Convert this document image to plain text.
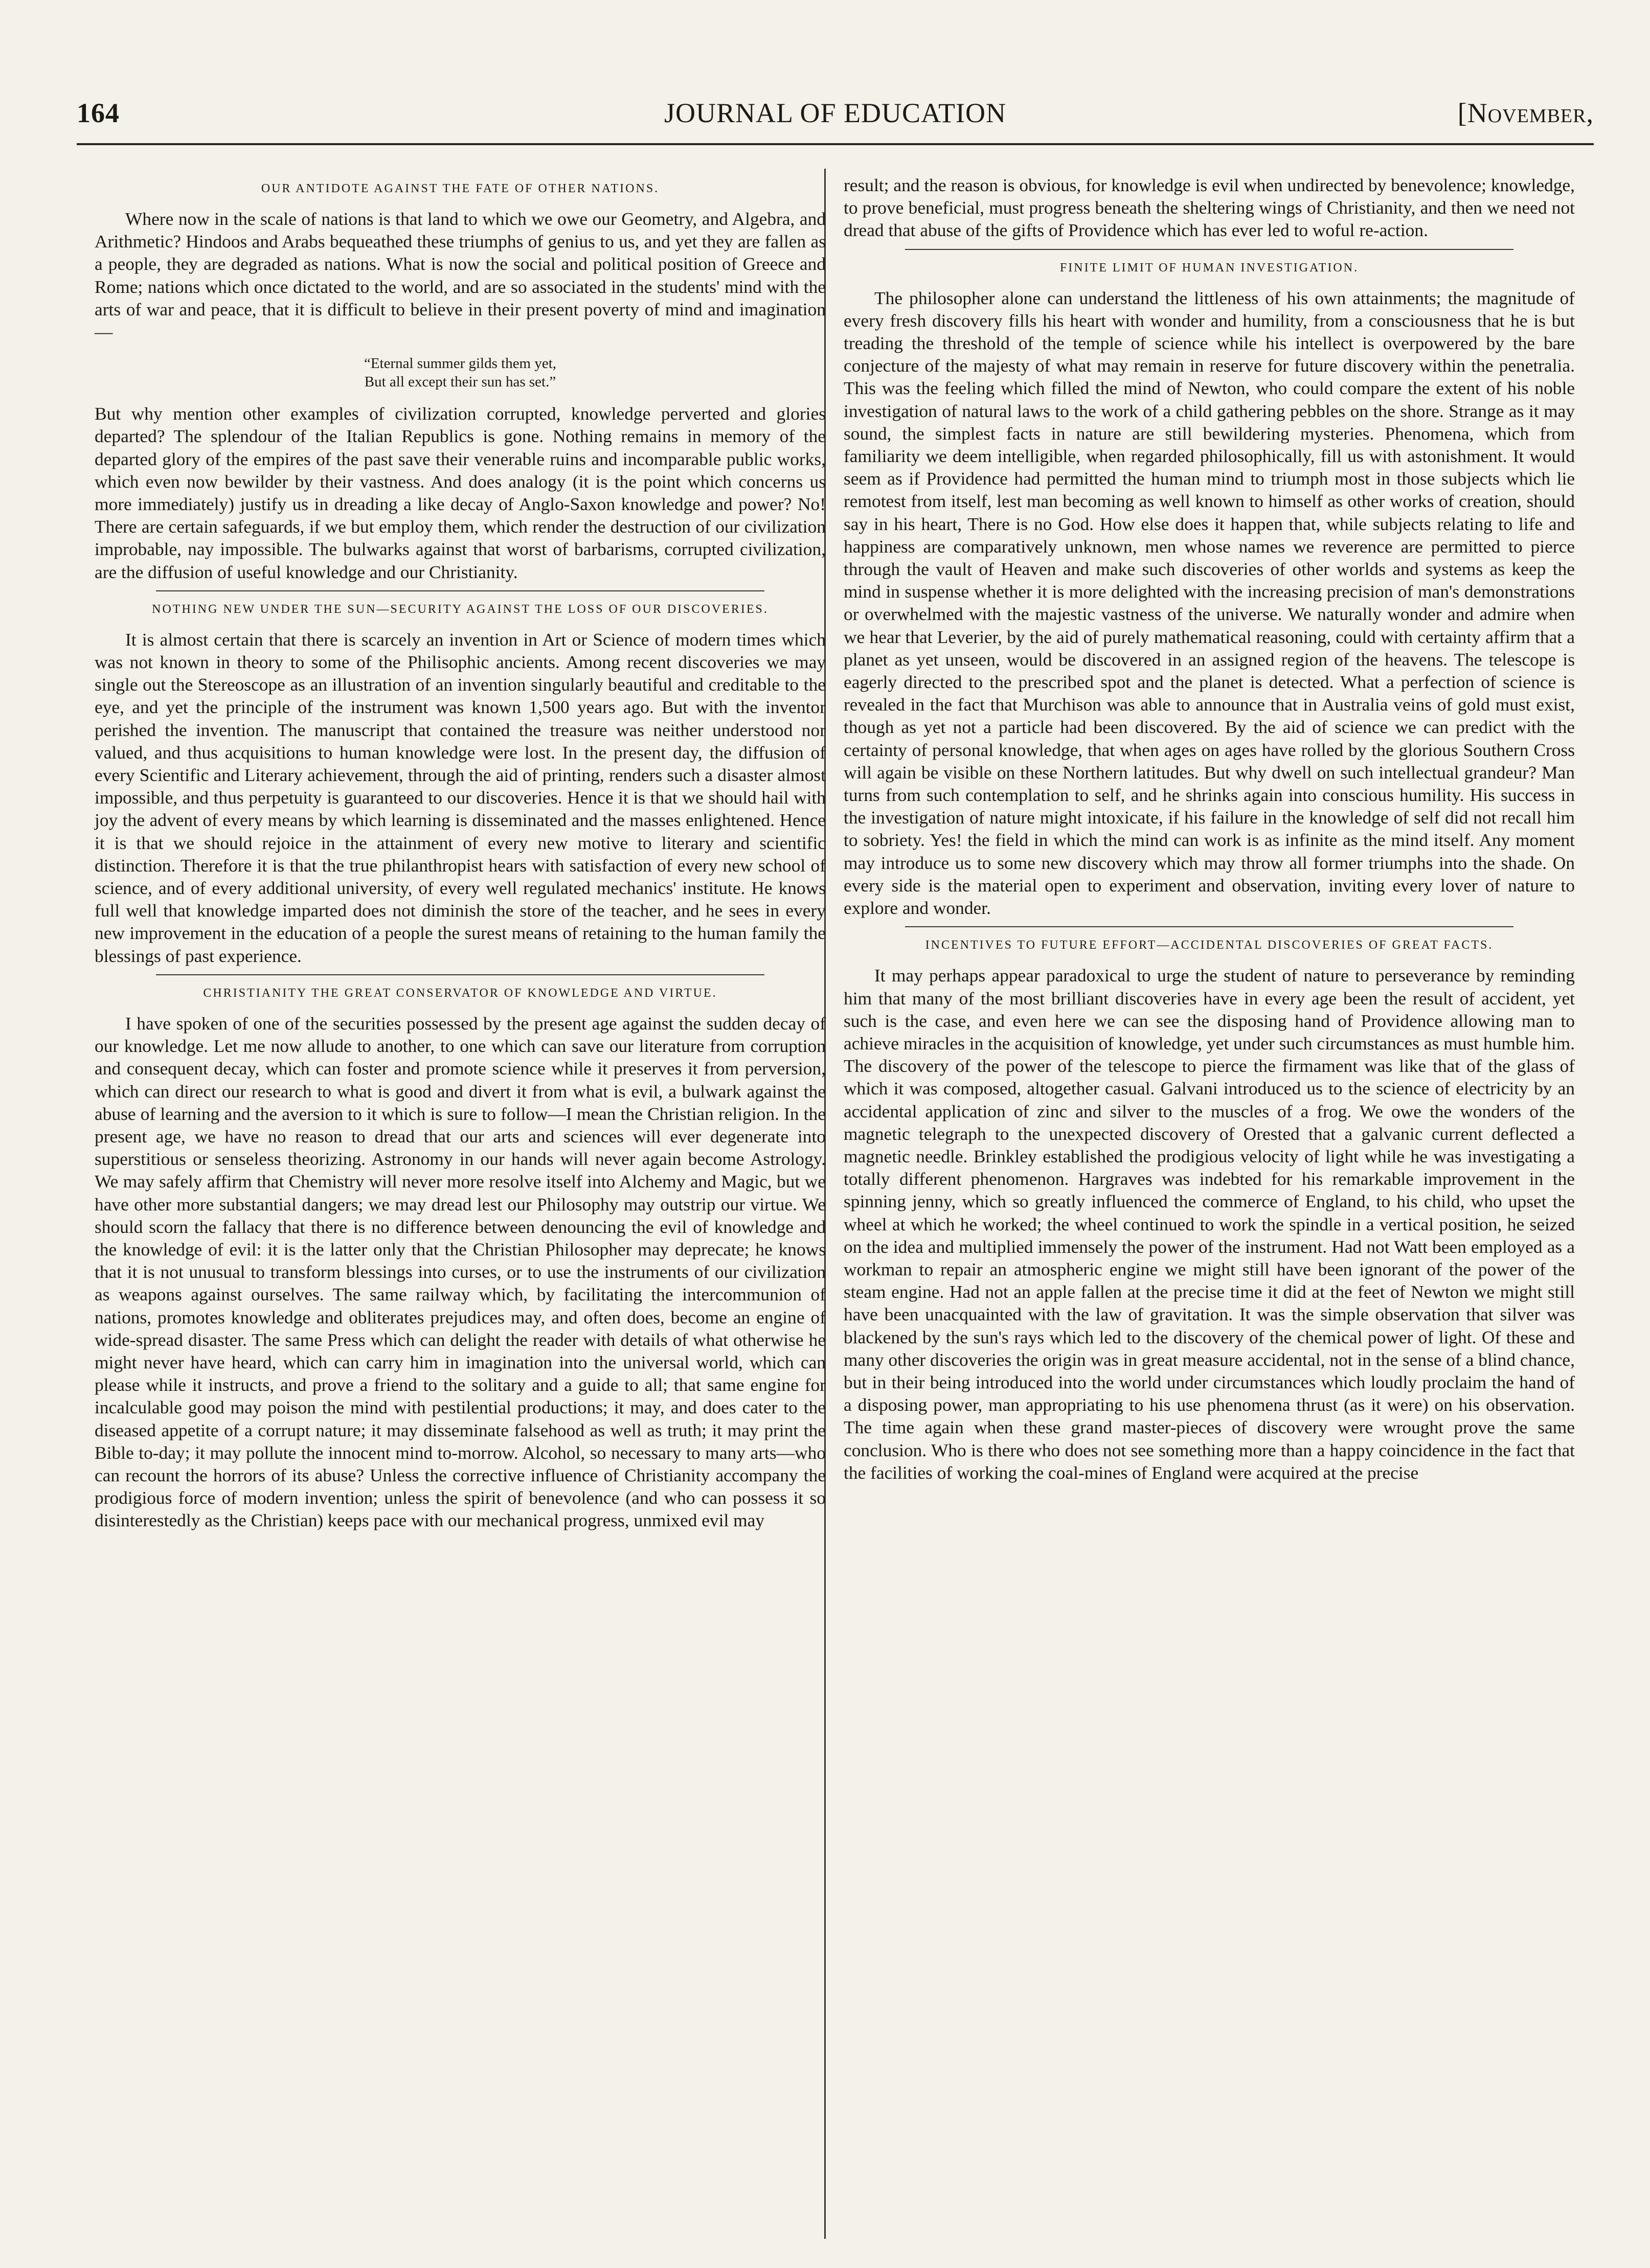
164	JOURNAL OF EDUCATION	[November,
OUR ANTIDOTE AGAINST THE FATE OF OTHER NATIONS.

Where now in the scale of nations is that land to which we owe our Geometry, and Algebra, and Arithmetic? Hindoos and Arabs bequeathed these triumphs of genius to us, and yet they are fallen as a people, they are degraded as nations. What is now the social and political position of Greece and Rome; nations which once dictated to the world, and are so associated in the students' mind with the arts of war and peace, that it is difficult to believe in their present poverty of mind and imagination—

“Eternal summer gilds them yet,
But all except their sun has set.”

But why mention other examples of civilization corrupted, knowledge perverted and glories departed? The splendour of the Italian Republics is gone. Nothing remains in memory of the departed glory of the empires of the past save their venerable ruins and incomparable public works, which even now bewilder by their vastness. And does analogy (it is the point which concerns us more immediately) justify us in dreading a like decay of Anglo-Saxon knowledge and power? No! There are certain safeguards, if we but employ them, which render the destruction of our civilization improbable, nay impossible. The bulwarks against that worst of barbarisms, corrupted civilization, are the diffusion of useful knowledge and our Christianity.

NOTHING NEW UNDER THE SUN—SECURITY AGAINST THE LOSS OF OUR DISCOVERIES.

It is almost certain that there is scarcely an invention in Art or Science of modern times which was not known in theory to some of the Philisophic ancients. Among recent discoveries we may single out the Stereoscope as an illustration of an invention singularly beautiful and creditable to the eye, and yet the principle of the instrument was known 1,500 years ago. But with the inventor perished the invention. The manuscript that contained the treasure was neither understood nor valued, and thus acquisitions to human knowledge were lost. In the present day, the diffusion of every Scientific and Literary achievement, through the aid of printing, renders such a disaster almost impossible, and thus perpetuity is guaranteed to our discoveries. Hence it is that we should hail with joy the advent of every means by which learning is disseminated and the masses enlightened. Hence it is that we should rejoice in the attainment of every new motive to literary and scientific distinction. Therefore it is that the true philanthropist hears with satisfaction of every new school of science, and of every additional university, of every well regulated mechanics' institute. He knows full well that knowledge imparted does not diminish the store of the teacher, and he sees in every new improvement in the education of a people the surest means of retaining to the human family the blessings of past experience.

CHRISTIANITY THE GREAT CONSERVATOR OF KNOWLEDGE AND VIRTUE.

I have spoken of one of the securities possessed by the present age against the sudden decay of our knowledge. Let me now allude to another, to one which can save our literature from corruption and consequent decay, which can foster and promote science while it preserves it from perversion, which can direct our research to what is good and divert it from what is evil, a bulwark against the abuse of learning and the aversion to it which is sure to follow—I mean the Christian religion. In the present age, we have no reason to dread that our arts and sciences will ever degenerate into superstitious or senseless theorizing. Astronomy in our hands will never again become Astrology. We may safely affirm that Chemistry will never more resolve itself into Alchemy and Magic, but we have other more substantial dangers; we may dread lest our Philosophy may outstrip our virtue. We should scorn the fallacy that there is no difference between denouncing the evil of knowledge and the knowledge of evil: it is the latter only that the Christian Philosopher may deprecate; he knows that it is not unusual to transform blessings into curses, or to use the instruments of our civilization as weapons against ourselves. The same railway which, by facilitating the intercommunion of nations, promotes knowledge and obliterates prejudices may, and often does, become an engine of wide-spread disaster. The same Press which can delight the reader with details of what otherwise he might never have heard, which can carry him in imagination into the universal world, which can please while it instructs, and prove a friend to the solitary and a guide to all; that same engine for incalculable good may poison the mind with pestilential productions; it may, and does cater to the diseased appetite of a corrupt nature; it may disseminate falsehood as well as truth; it may print the Bible to-day; it may pollute the innocent mind to-morrow. Alcohol, so necessary to many arts—who can recount the horrors of its abuse? Unless the corrective influence of Christianity accompany the prodigious force of modern invention; unless the spirit of benevolence (and who can possess it so disinterestedly as the Christian) keeps pace with our mechanical progress, unmixed evil may

result; and the reason is obvious, for knowledge is evil when undirected by benevolence; knowledge, to prove beneficial, must progress beneath the sheltering wings of Christianity, and then we need not dread that abuse of the gifts of Providence which has ever led to woful re-action.

FINITE LIMIT OF HUMAN INVESTIGATION.

The philosopher alone can understand the littleness of his own attainments; the magnitude of every fresh discovery fills his heart with wonder and humility, from a consciousness that he is but treading the threshold of the temple of science while his intellect is overpowered by the bare conjecture of the majesty of what may remain in reserve for future discovery within the penetralia. This was the feeling which filled the mind of Newton, who could compare the extent of his noble investigation of natural laws to the work of a child gathering pebbles on the shore. Strange as it may sound, the simplest facts in nature are still bewildering mysteries. Phenomena, which from familiarity we deem intelligible, when regarded philosophically, fill us with astonishment. It would seem as if Providence had permitted the human mind to triumph most in those subjects which lie remotest from itself, lest man becoming as well known to himself as other works of creation, should say in his heart, There is no God. How else does it happen that, while subjects relating to life and happiness are comparatively unknown, men whose names we reverence are permitted to pierce through the vault of Heaven and make such discoveries of other worlds and systems as keep the mind in suspense whether it is more delighted with the increasing precision of man's demonstrations or overwhelmed with the majestic vastness of the universe. We naturally wonder and admire when we hear that Leverier, by the aid of purely mathematical reasoning, could with certainty affirm that a planet as yet unseen, would be discovered in an assigned region of the heavens. The telescope is eagerly directed to the prescribed spot and the planet is detected. What a perfection of science is revealed in the fact that Murchison was able to announce that in Australia veins of gold must exist, though as yet not a particle had been discovered. By the aid of science we can predict with the certainty of personal knowledge, that when ages on ages have rolled by the glorious Southern Cross will again be visible on these Northern latitudes. But why dwell on such intellectual grandeur? Man turns from such contemplation to self, and he shrinks again into conscious humility. His success in the investigation of nature might intoxicate, if his failure in the knowledge of self did not recall him to sobriety. Yes! the field in which the mind can work is as infinite as the mind itself. Any moment may introduce us to some new discovery which may throw all former triumphs into the shade. On every side is the material open to experiment and observation, inviting every lover of nature to explore and wonder.

INCENTIVES TO FUTURE EFFORT—ACCIDENTAL DISCOVERIES OF GREAT FACTS.

It may perhaps appear paradoxical to urge the student of nature to perseverance by reminding him that many of the most brilliant discoveries have in every age been the result of accident, yet such is the case, and even here we can see the disposing hand of Providence allowing man to achieve miracles in the acquisition of knowledge, yet under such circumstances as must humble him. The discovery of the power of the telescope to pierce the firmament was like that of the glass of which it was composed, altogether casual. Galvani introduced us to the science of electricity by an accidental application of zinc and silver to the muscles of a frog. We owe the wonders of the magnetic telegraph to the unexpected discovery of Orested that a galvanic current deflected a magnetic needle. Brinkley established the prodigious velocity of light while he was investigating a totally different phenomenon. Hargraves was indebted for his remarkable improvement in the spinning jenny, which so greatly influenced the commerce of England, to his child, who upset the wheel at which he worked; the wheel continued to work the spindle in a vertical position, he seized on the idea and multiplied immensely the power of the instrument. Had not Watt been employed as a workman to repair an atmospheric engine we might still have been ignorant of the power of the steam engine. Had not an apple fallen at the precise time it did at the feet of Newton we might still have been unacquainted with the law of gravitation. It was the simple observation that silver was blackened by the sun's rays which led to the discovery of the chemical power of light. Of these and many other discoveries the origin was in great measure accidental, not in the sense of a blind chance, but in their being introduced into the world under circumstances which loudly proclaim the hand of a disposing power, man appropriating to his use phenomena thrust (as it were) on his observation. The time again when these grand master-pieces of discovery were wrought prove the same conclusion. Who is there who does not see something more than a happy coincidence in the fact that the facilities of working the coal-mines of England were acquired at the precise
